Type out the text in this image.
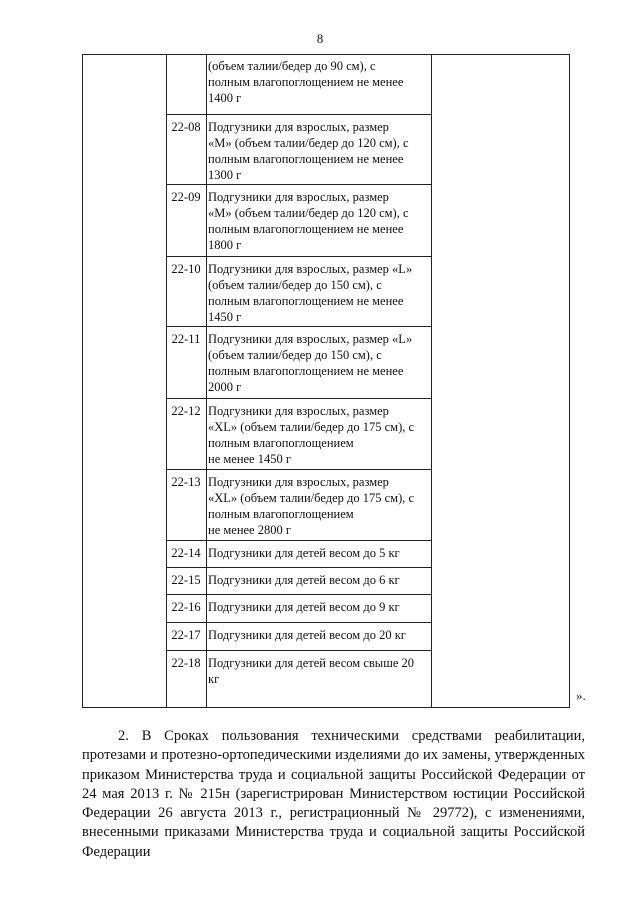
8
(объем талии/бедер до 90 см), с
полным влагопоглощением не менее
1400 г
22-08 Подгузники для взрослых, размер
«М» (объем талии/бедер до 120 см), с
полным влагопоглощением не менее
1300 г
22-09 Подгузники для взрослых, размер
«М» (объем талии/бедер до 120 см), с
полным влагопоглощением не менее
1800 г
22-10 Подгузники для взрослых, размер «L»
(объем талии/бедер до 150 см), с
полным влагопоглощением не менее
1450 г
22-11 Подгузники для взрослых, размер «L»
(объем талии/бедер до 150 см), с
полным влагопоглощением не менее
2000 г
22-12 Подгузники для взрослых, размер
«XL» (объем талии/бедер до 175 см), с
полным влагопоглощением
не менее 1450 г
22-13 Подгузники для взрослых, размер
«XL» (объем талии/бедер до 175 см), с
полным влагопоглощением
не менее 2800 г
22-14 Подгузники для детей весом до 5 кг
22-15 Подгузники для детей весом до 6 кг
22-16 Подгузники для детей весом до 9 кг
22-17 Подгузники для детей весом до 20 кг
22-18 Подгузники для детей весом свыше 20
кг
».
2. В Сроках пользования техническими средствами реабилитации, протезами и протезно-ортопедическими изделиями до их замены, утвержденных приказом Министерства труда и социальной защиты Российской Федерации от 24 мая 2013 г. № 215н (зарегистрирован Министерством юстиции Российской Федерации 26 августа 2013 г., регистрационный № 29772), с изменениями, внесенными приказами Министерства труда и социальной защиты Российской Федерации
